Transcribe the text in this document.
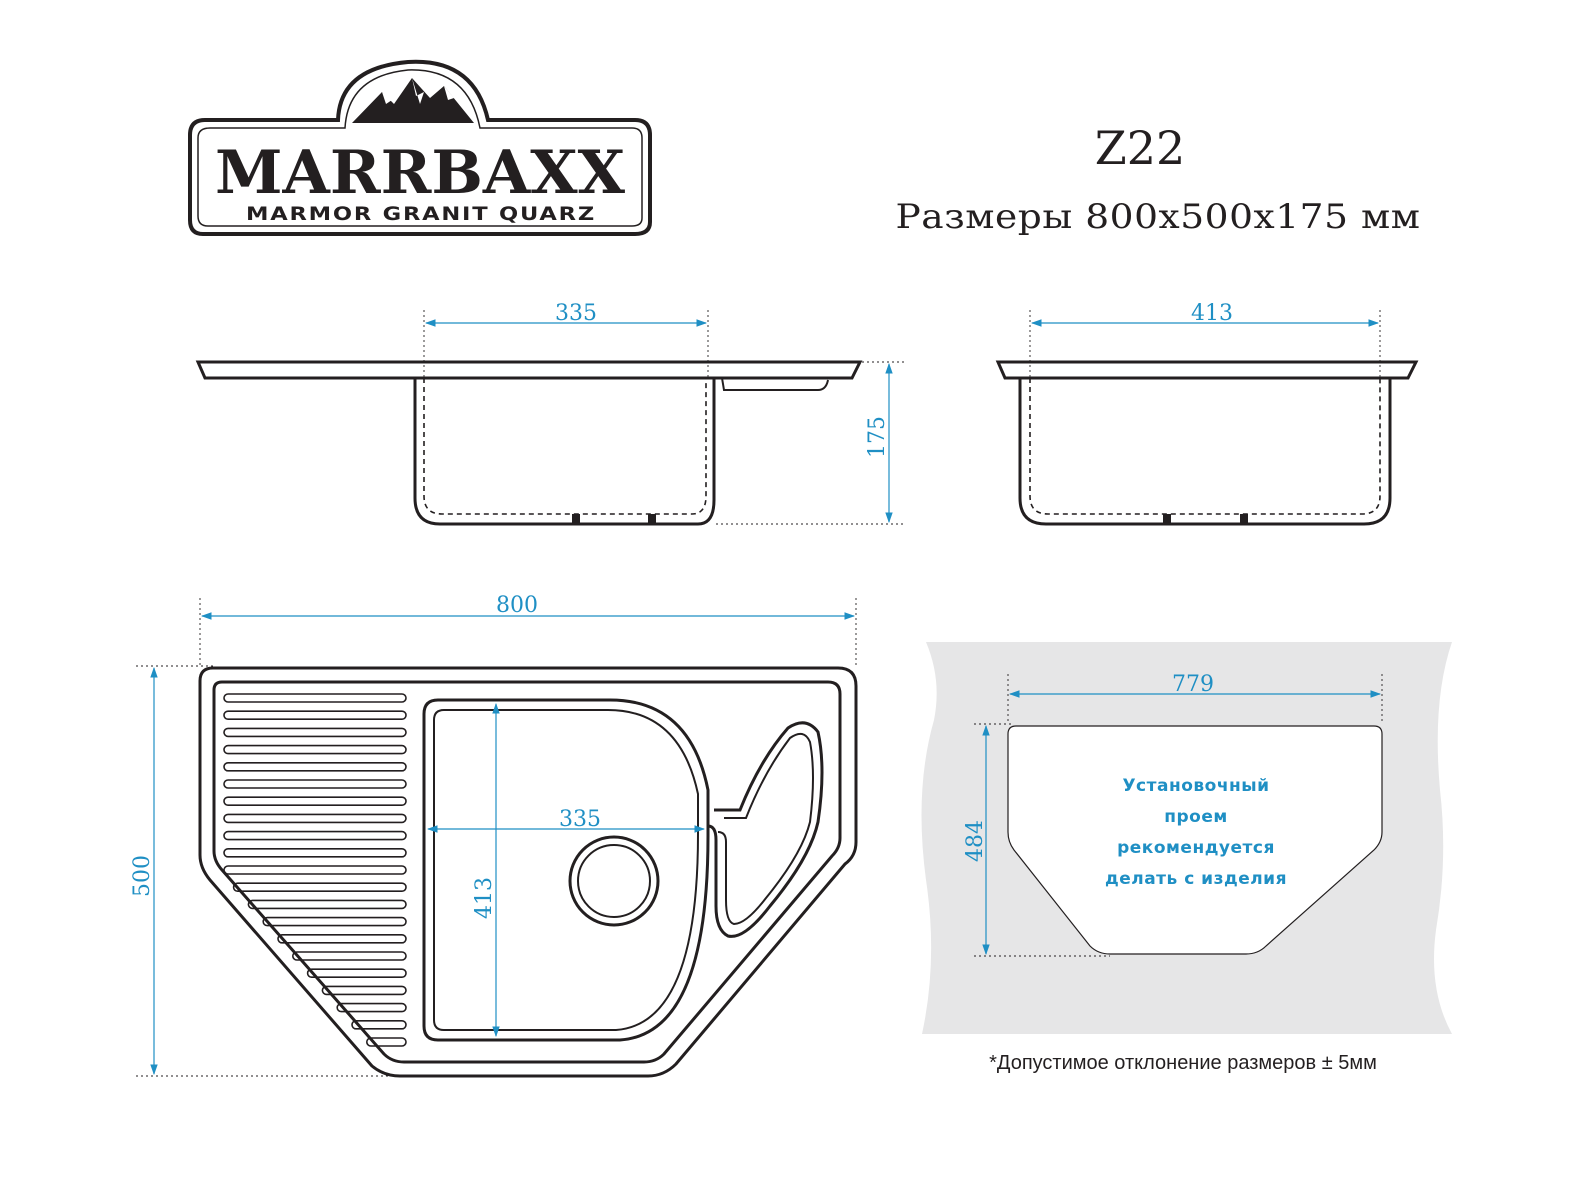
MARRBAXX
MARMOR GRANIT QUARZ
Z22
Размеры 800x500x175 мм
335
175
413
800
500
413
335
779
484
Установочный
проем
рекомендуется
делать с изделия
*Допустимое отклонение размеров ± 5мм
